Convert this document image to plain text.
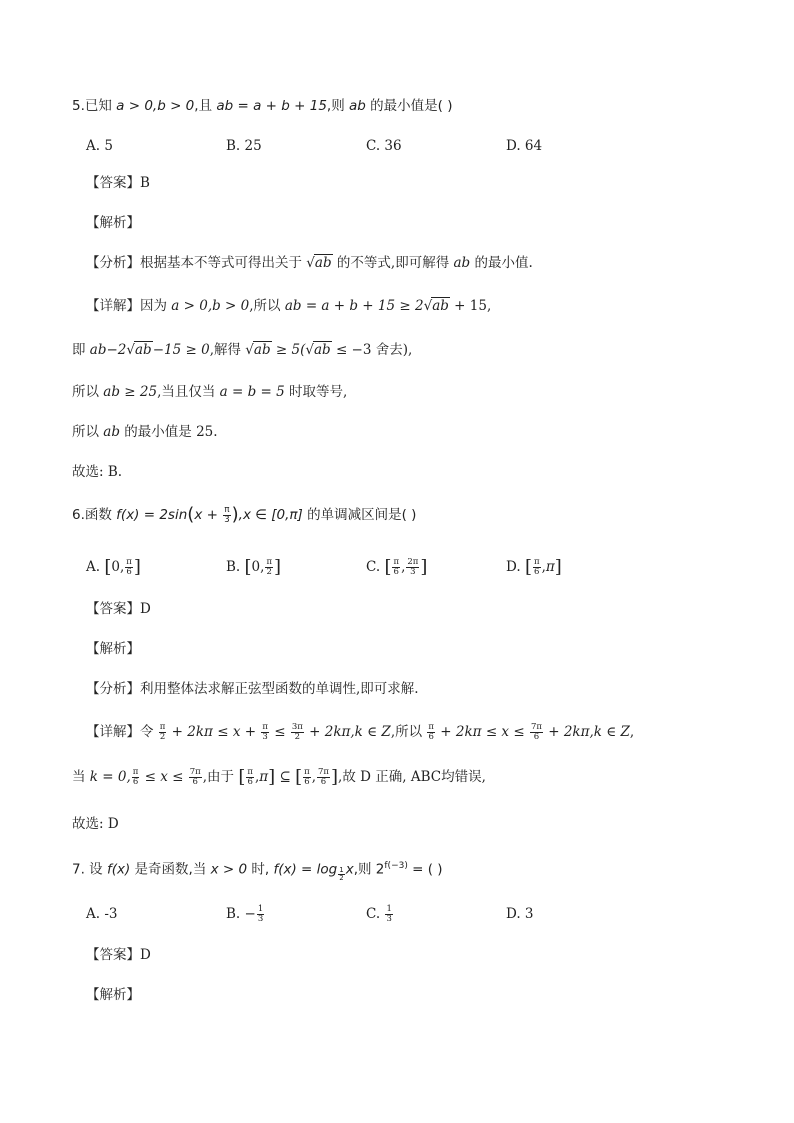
5.已知 a > 0,b > 0,且 ab = a + b + 15,则 ab 的最小值是( )
A. 5	B. 25	C. 36	D. 64
【答案】B
【解析】
【分析】根据基本不等式可得出关于 √ab 的不等式,即可解得 ab 的最小值.
【详解】因为 a > 0,b > 0,所以 ab = a + b + 15 ≥ 2√ab + 15,
即 ab−2√ab−15 ≥ 0,解得 √ab ≥ 5(√ab ≤ −3 舍去),
所以 ab ≥ 25,当且仅当 a = b = 5 时取等号,
所以 ab 的最小值是 25.
故选: B.
6.函数 $f(x) = 2\sin(x + \frac{\pi}{3} ),x$ ∈ [0,π] 的单调减区间是( )
A. [0, $\frac{\pi}{6}$ ]	B. [0, $\frac{\pi}{2}$ ]	C. [ $\frac{\pi}{6}$ , $\frac{2\pi}{3}$ ]	D. [ $\frac{\pi}{6} ,\pi$]
【答案】D
【解析】
【分析】利用整体法求解正弦型函数的单调性,即可求解.
【详解】令 $\frac{\pi}{2} + 2k\pi \le x + \frac{\pi}{3} \le \frac{3\pi}{2} + 2k\pi,k$ ∈ Z,所以 $\frac{\pi}{6} + 2k\pi \le x \le \frac{7\pi}{6} + 2k\pi,k$ ∈ Z,
当 k = 0, $\frac{\pi}{6} \le x \le \frac{7\pi}{6}$ ,由于 [ $\frac{\pi}{6} ,\pi$] ⊆ [ $\frac{\pi}{6}$ , $\frac{7\pi}{6}$ ],故 D 正确, ABC均错误,
故选: D
7. 设 f(x) 是奇函数,当 x > 0 时, f(x) = log $_{\frac{1}{2}}$ x,则 $2^{f(-3)}$ = ( )
A. -3	B. − $\frac{1}{3}$	C. $\frac{1}{3}$	D. 3
【答案】D
【解析】
